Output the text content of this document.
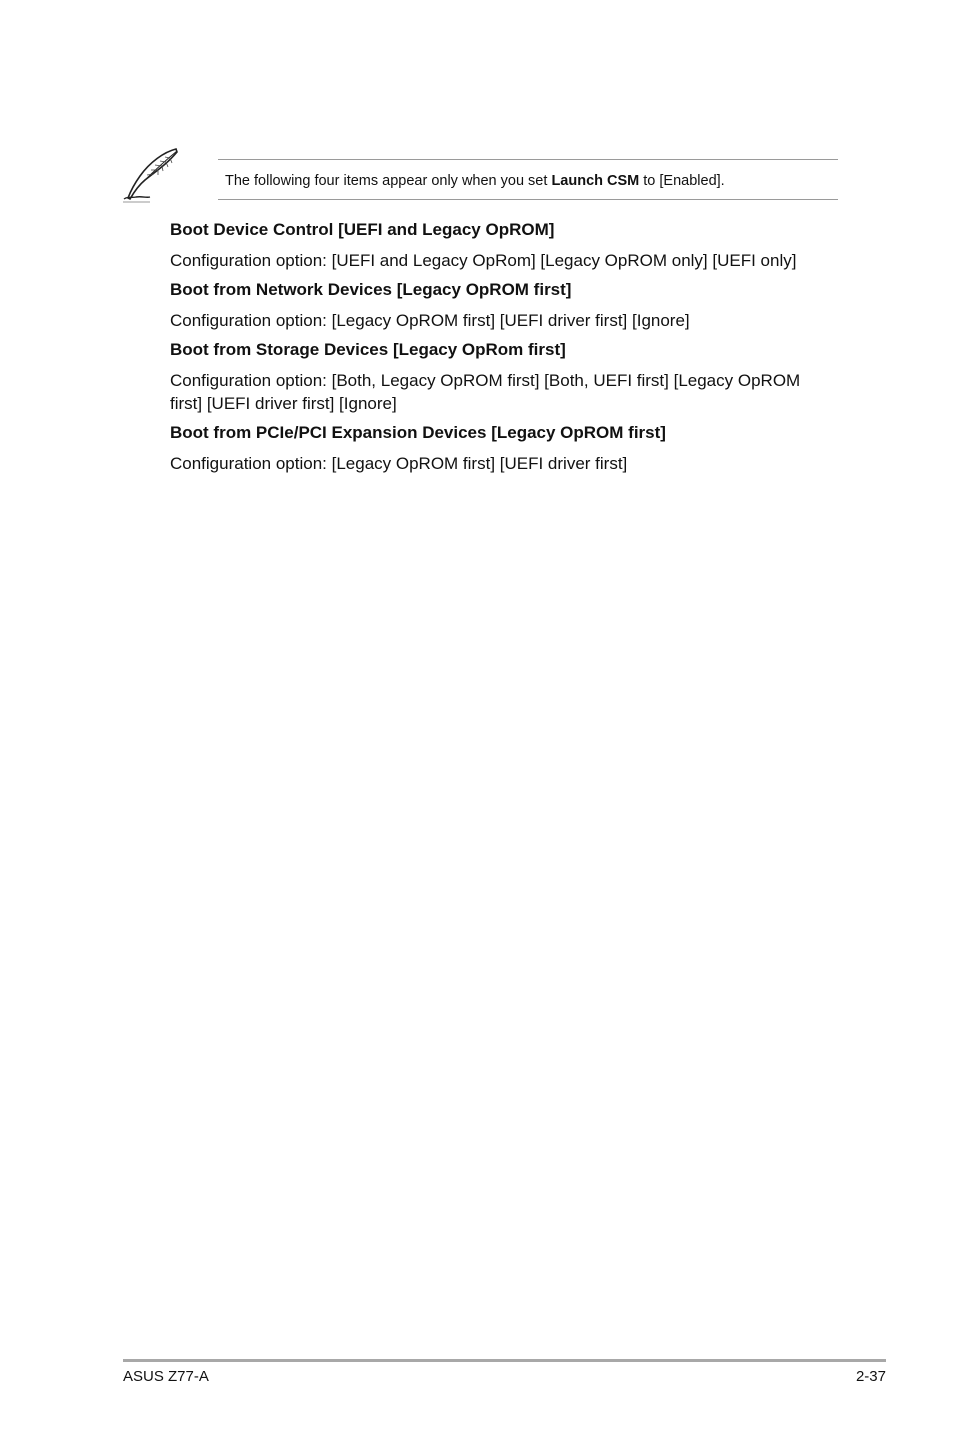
The following four items appear only when you set Launch CSM to [Enabled].
Boot Device Control [UEFI and Legacy OpROM]
Configuration option: [UEFI and Legacy OpRom] [Legacy OpROM only] [UEFI only]
Boot from Network Devices [Legacy OpROM first]
Configuration option: [Legacy OpROM first] [UEFI driver first] [Ignore]
Boot from Storage Devices [Legacy OpRom first]
Configuration option: [Both, Legacy OpROM first] [Both, UEFI first] [Legacy OpROM first] [UEFI driver first] [Ignore]
Boot from PCIe/PCI Expansion Devices [Legacy OpROM first]
Configuration option: [Legacy OpROM first] [UEFI driver first]
ASUS Z77-A	2-37
